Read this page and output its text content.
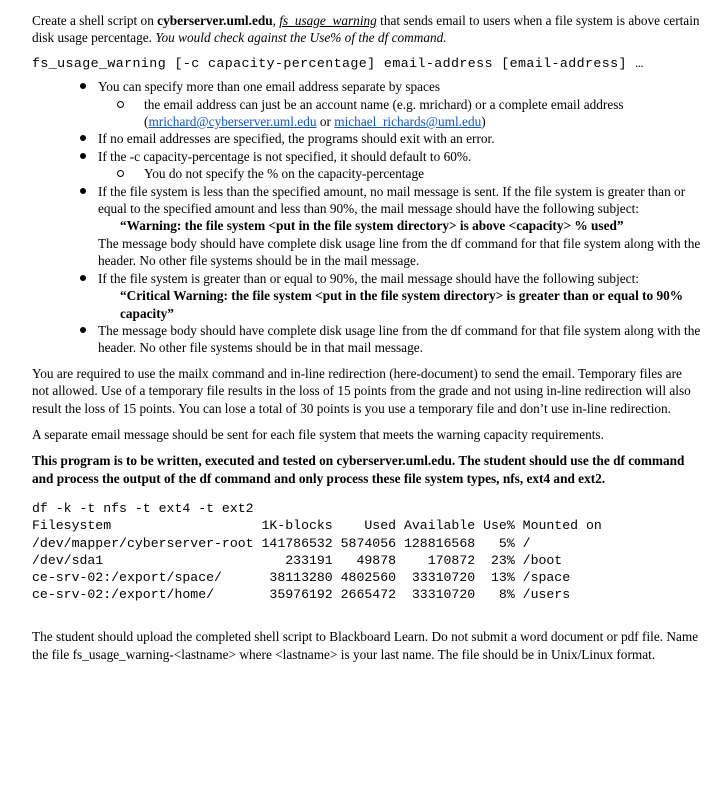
Create a shell script on cyberserver.uml.edu, fs_usage_warning that sends email to users when a file system is above certain disk usage percentage. You would check against the Use% of the df command.

fs_usage_warning [-c capacity-percentage] email-address [email-address] …

You can specify more than one email address separate by spaces
the email address can just be an account name (e.g. mrichard) or a complete email address (mrichard@cyberserver.uml.edu or michael_richards@uml.edu)
If no email addresses are specified, the programs should exit with an error.
If the -c capacity-percentage is not specified, it should default to 60%.
You do not specify the % on the capacity-percentage
If the file system is less than the specified amount, no mail message is sent. If the file system is greater than or equal to the specified amount and less than 90%, the mail message should have the following subject:
“Warning: the file system <put in the file system directory> is above <capacity> % used”
The message body should have complete disk usage line from the df command for that file system along with the header. No other file systems should be in the mail message.
If the file system is greater than or equal to 90%, the mail message should have the following subject:
“Critical Warning: the file system <put in the file system directory> is greater than or equal to 90% capacity”
The message body should have complete disk usage line from the df command for that file system along with the header. No other file systems should be in that mail message.

You are required to use the mailx command and in-line redirection (here-document) to send the email. Temporary files are not allowed. Use of a temporary file results in the loss of 15 points from the grade and not using in-line redirection will also result the loss of 15 points. You can lose a total of 30 points is you use a temporary file and don’t use in-line redirection.

A separate email message should be sent for each file system that meets the warning capacity requirements.

This program is to be written, executed and tested on cyberserver.uml.edu. The student should use the df command and process the output of the df command and only process these file system types, nfs, ext4 and ext2.

df -k -t nfs -t ext4 -t ext2
Filesystem                   1K-blocks    Used Available Use% Mounted on
/dev/mapper/cyberserver-root 141786532 5874056 128816568   5% /
/dev/sda1                       233191   49878    170872  23% /boot
ce-srv-02:/export/space/      38113280 4802560  33310720  13% /space
ce-srv-02:/export/home/       35976192 2665472  33310720   8% /users

The student should upload the completed shell script to Blackboard Learn. Do not submit a word document or pdf file. Name the file fs_usage_warning-<lastname> where <lastname> is your last name. The file should be in Unix/Linux format.
